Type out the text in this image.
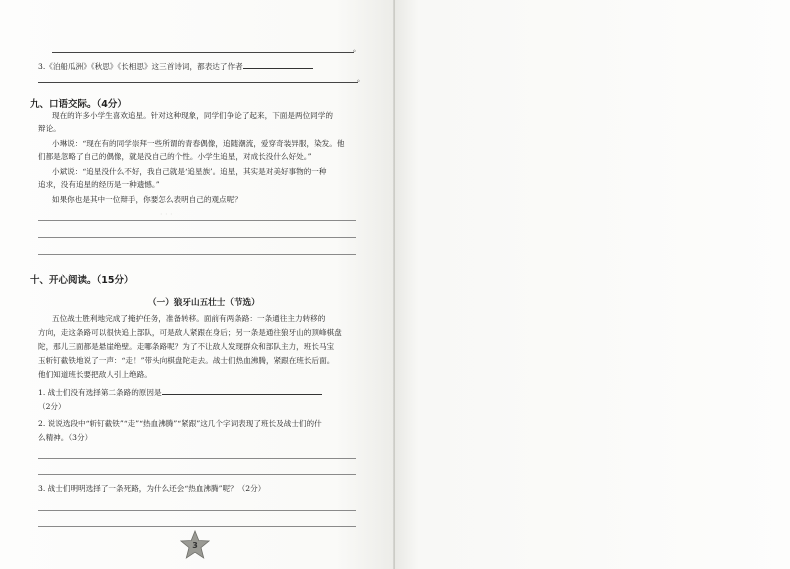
· · ·
。
3.《泊船瓜洲》《秋思》《长相思》这三首诗词，都表达了作者
。
九、口语交际。（4分）
现在的许多小学生喜欢追星。针对这种现象，同学们争论了起来，下面是两位同学的
辩论。
小琳说：“现在有的同学崇拜一些所谓的青春偶像，追随潮流，爱穿奇装异服，染发。他
们都是忽略了自己的偶像，就是没自己的个性。小学生追星，对成长没什么好处。”
小斌说：“追星没什么不好，我自己就是‘追星族’。追星，其实是对美好事物的一种
追求，没有追星的经历是一种遗憾。”
如果你也是其中一位辩手，你要怎么表明自己的观点呢？
十、开心阅读。（15分）
（一）狼牙山五壮士（节选）
五位战士胜利地完成了掩护任务，准备转移。面前有两条路：一条通往主力转移的
方向，走这条路可以很快追上部队，可是敌人紧跟在身后；另一条是通往狼牙山的顶峰棋盘
陀，那儿三面都是悬崖绝壁。走哪条路呢？为了不让敌人发现群众和部队主力，班长马宝
玉斩钉截铁地说了一声：“走！”带头向棋盘陀走去。战士们热血沸腾，紧跟在班长后面。
他们知道班长要把敌人引上绝路。
1. 战士们没有选择第二条路的原因是
（2分）
2. 说说选段中“斩钉截铁”“走”“热血沸腾”“紧跟”这几个字词表现了班长及战士们的什
么精神。（3分）
3. 战士们明明选择了一条死路，为什么还会“热血沸腾”呢？（2分）
3
